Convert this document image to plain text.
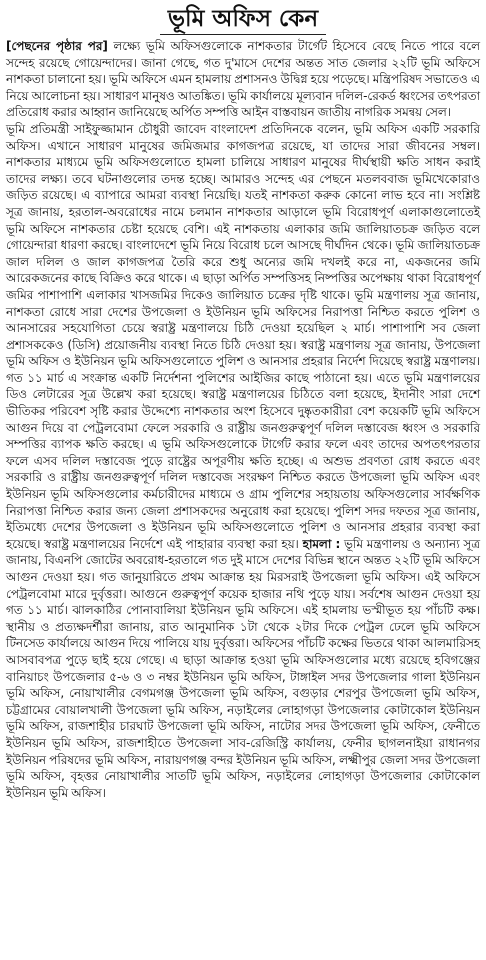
ভূমি অফিস কেন

[পেছনের পৃষ্ঠার পর] লক্ষ্যে ভূমি অফিসগুলোকে নাশকতার টার্গেট হিসেবে বেছে নিতে পারে বলে সন্দেহ রয়েছে গোয়েন্দাদের। জানা গেছে, গত দু'মাসে দেশের অন্তত সাত জেলার ২২টি ভূমি অফিসে নাশকতা চালানো হয়। ভূমি অফিসে এমন হামলায় প্রশাসনও উদ্বিগ্ন হয়ে পড়েছে। মন্ত্রিপরিষদ সভাতেও এ নিয়ে আলোচনা হয়। সাধারণ মানুষও আতঙ্কিত। ভূমি কার্যালয়ে মূল্যবান দলিল-রেকর্ড ধ্বংসের তৎপরতা প্রতিরোধ করার আহ্বান জানিয়েছে অর্পিত সম্পত্তি আইন বাস্তবায়ন জাতীয় নাগরিক সমন্বয় সেল।
ভূমি প্রতিমন্ত্রী সাইফুজ্জামান চৌধুরী জাবেদ বাংলাদেশ প্রতিদিনকে বলেন, ভূমি অফিস একটি সরকারি অফিস। এখানে সাধারণ মানুষের জমিজমার কাগজপত্র রয়েছে, যা তাদের সারা জীবনের সম্বল। নাশকতার মাধ্যমে ভূমি অফিসগুলোতে হামলা চালিয়ে সাধারণ মানুষের দীর্ঘস্থায়ী ক্ষতি সাধন করাই তাদের লক্ষ্য। তবে ঘটনাগুলোর তদন্ত হচ্ছে। আমারও সন্দেহ এর পেছনে মতলববাজ ভূমিখেকোরাও জড়িত রয়েছে। এ ব্যাপারে আমরা ব্যবস্থা নিয়েছি। যতই নাশকতা করুক কোনো লাভ হবে না। সংশ্লিষ্ট সূত্র জানায়, হরতাল-অবরোধের নামে চলমান নাশকতার আড়ালে ভূমি বিরোধপূর্ণ এলাকাগুলোতেই ভূমি অফিসে নাশকতার চেষ্টা হয়েছে বেশি। এই নাশকতায় এলাকার জমি জালিয়াতচক্র জড়িত বলে গোয়েন্দারা ধারণা করছে। বাংলাদেশে ভূমি নিয়ে বিরোধ চলে আসছে দীর্ঘদিন থেকে। ভূমি জালিয়াতচক্র জাল দলিল ও জাল কাগজপত্র তৈরি করে শুধু অন্যের জমি দখলই করে না, একজনের জমি আরেকজনের কাছে বিক্রিও করে থাকে। এ ছাড়া অর্পিত সম্পত্তিসহ নিষ্পত্তির অপেক্ষায় থাকা বিরোধপূর্ণ জমির পাশাপাশি এলাকার খাসজমির দিকেও জালিয়াত চক্রের দৃষ্টি থাকে। ভূমি মন্ত্রণালয় সূত্র জানায়, নাশকতা রোধে সারা দেশের উপজেলা ও ইউনিয়ন ভূমি অফিসের নিরাপত্তা নিশ্চিত করতে পুলিশ ও আনসারের সহযোগিতা চেয়ে স্বরাষ্ট্র মন্ত্রণালয়ে চিঠি দেওয়া হয়েছিল ২ মার্চ। পাশাপাশি সব জেলা প্রশাসককেও (ডিসি) প্রয়োজনীয় ব্যবস্থা নিতে চিঠি দেওয়া হয়। স্বরাষ্ট্র মন্ত্রণালয় সূত্র জানায়, উপজেলা ভূমি অফিস ও ইউনিয়ন ভূমি অফিসগুলোতে পুলিশ ও আনসার প্রহরার নির্দেশ দিয়েছে স্বরাষ্ট্র মন্ত্রণালয়। গত ১১ মার্চ এ সংক্রান্ত একটি নির্দেশনা পুলিশের আইজির কাছে পাঠানো হয়। এতে ভূমি মন্ত্রণালয়ের ডিও লেটারের সূত্র উল্লেখ করা হয়েছে। স্বরাষ্ট্র মন্ত্রণালয়ের চিঠিতে বলা হয়েছে, ইদানীং সারা দেশে ভীতিকর পরিবেশ সৃষ্টি করার উদ্দেশ্যে নাশকতার অংশ হিসেবে দুষ্কৃতকারীরা বেশ কয়েকটি ভূমি অফিসে আগুন দিয়ে বা পেট্রলবোমা ফেলে সরকারি ও রাষ্ট্রীয় জনগুরুত্বপূর্ণ দলিল দস্তাবেজ ধ্বংস ও সরকারি সম্পত্তির ব্যাপক ক্ষতি করছে। এ ভূমি অফিসগুলোকে টার্গেট করার ফলে এবং তাদের অপতৎপরতার ফলে এসব দলিল দস্তাবেজ পুড়ে রাষ্ট্রের অপূরণীয় ক্ষতি হচ্ছে। এ অশুভ প্রবণতা রোধ করতে এবং সরকারি ও রাষ্ট্রীয় জনগুরুত্বপূর্ণ দলিল দস্তাবেজ সংরক্ষণ নিশ্চিত করতে উপজেলা ভূমি অফিস এবং ইউনিয়ন ভূমি অফিসগুলোর কর্মচারীদের মাধ্যমে ও গ্রাম পুলিশের সহায়তায় অফিসগুলোর সার্বক্ষণিক নিরাপত্তা নিশ্চিত করার জন্য জেলা প্রশাসকদের অনুরোধ করা হয়েছে। পুলিশ সদর দফতর সূত্র জানায়, ইতিমধ্যে দেশের উপজেলা ও ইউনিয়ন ভূমি অফিসগুলোতে পুলিশ ও আনসার প্রহরার ব্যবস্থা করা হয়েছে। স্বরাষ্ট্র মন্ত্রণালয়ের নির্দেশে এই পাহারার ব্যবস্থা করা হয়। হামলা : ভূমি মন্ত্রণালয় ও অন্যান্য সূত্র জানায়, বিএনপি জোটের অবরোধ-হরতালে গত দুই মাসে দেশের বিভিন্ন স্থানে অন্তত ২২টি ভূমি অফিসে আগুন দেওয়া হয়। গত জানুয়ারিতে প্রথম আক্রান্ত হয় মিরসরাই উপজেলা ভূমি অফিস। এই অফিসে পেট্রলবোমা মারে দুর্বৃত্তরা। আগুনে গুরুত্বপূর্ণ কয়েক হাজার নথি পুড়ে যায়। সর্বশেষ আগুন দেওয়া হয় গত ১১ মার্চ। ঝালকাঠির পোনাবালিয়া ইউনিয়ন ভূমি অফিসে। এই হামলায় ভস্মীভূত হয় পাঁচটি কক্ষ। স্থানীয় ও প্রত্যক্ষদর্শীরা জানায়, রাত আনুমানিক ১টা থেকে ২টার দিকে পেট্রল ঢেলে ভূমি অফিসে টিনসেড কার্যালয়ে আগুন দিয়ে পালিয়ে যায় দুর্বৃত্তরা। অফিসের পাঁচটি কক্ষের ভিতরে থাকা আলমারিসহ আসবাবপত্র পুড়ে ছাই হয়ে গেছে। এ ছাড়া আক্রান্ত হওয়া ভূমি অফিসগুলোর মধ্যে রয়েছে হবিগঞ্জের বানিয়াচং উপজেলার ৫-৬ ও ৩ নম্বর ইউনিয়ন ভূমি অফিস, টাঙ্গাইল সদর উপজেলার গালা ইউনিয়ন ভূমি অফিস, নোয়াখালীর বেগমগঞ্জ উপজেলা ভূমি অফিস, বগুড়ার শেরপুর উপজেলা ভূমি অফিস, চট্টগ্রামের বোয়ালখালী উপজেলা ভূমি অফিস, নড়াইলের লোহাগড়া উপজেলার কোটাকোল ইউনিয়ন ভূমি অফিস, রাজশাহীর চারঘাট উপজেলা ভূমি অফিস, নাটোর সদর উপজেলা ভূমি অফিস, ফেনীতে ইউনিয়ন ভূমি অফিস, রাজশাহীতে উপজেলা সাব-রেজিস্ট্রি কার্যালয়, ফেনীর ছাগলনাইয়া রাধানগর ইউনিয়ন পরিষদের ভূমি অফিস, নারায়ণগঞ্জ বন্দর ইউনিয়ন ভূমি অফিস, লক্ষ্মীপুর জেলা সদর উপজেলা ভূমি অফিস, বৃহত্তর নোয়াখালীর সাতটি ভূমি অফিস, নড়াইলের লোহাগড়া উপজেলার কোটাকোল ইউনিয়ন ভূমি অফিস।
